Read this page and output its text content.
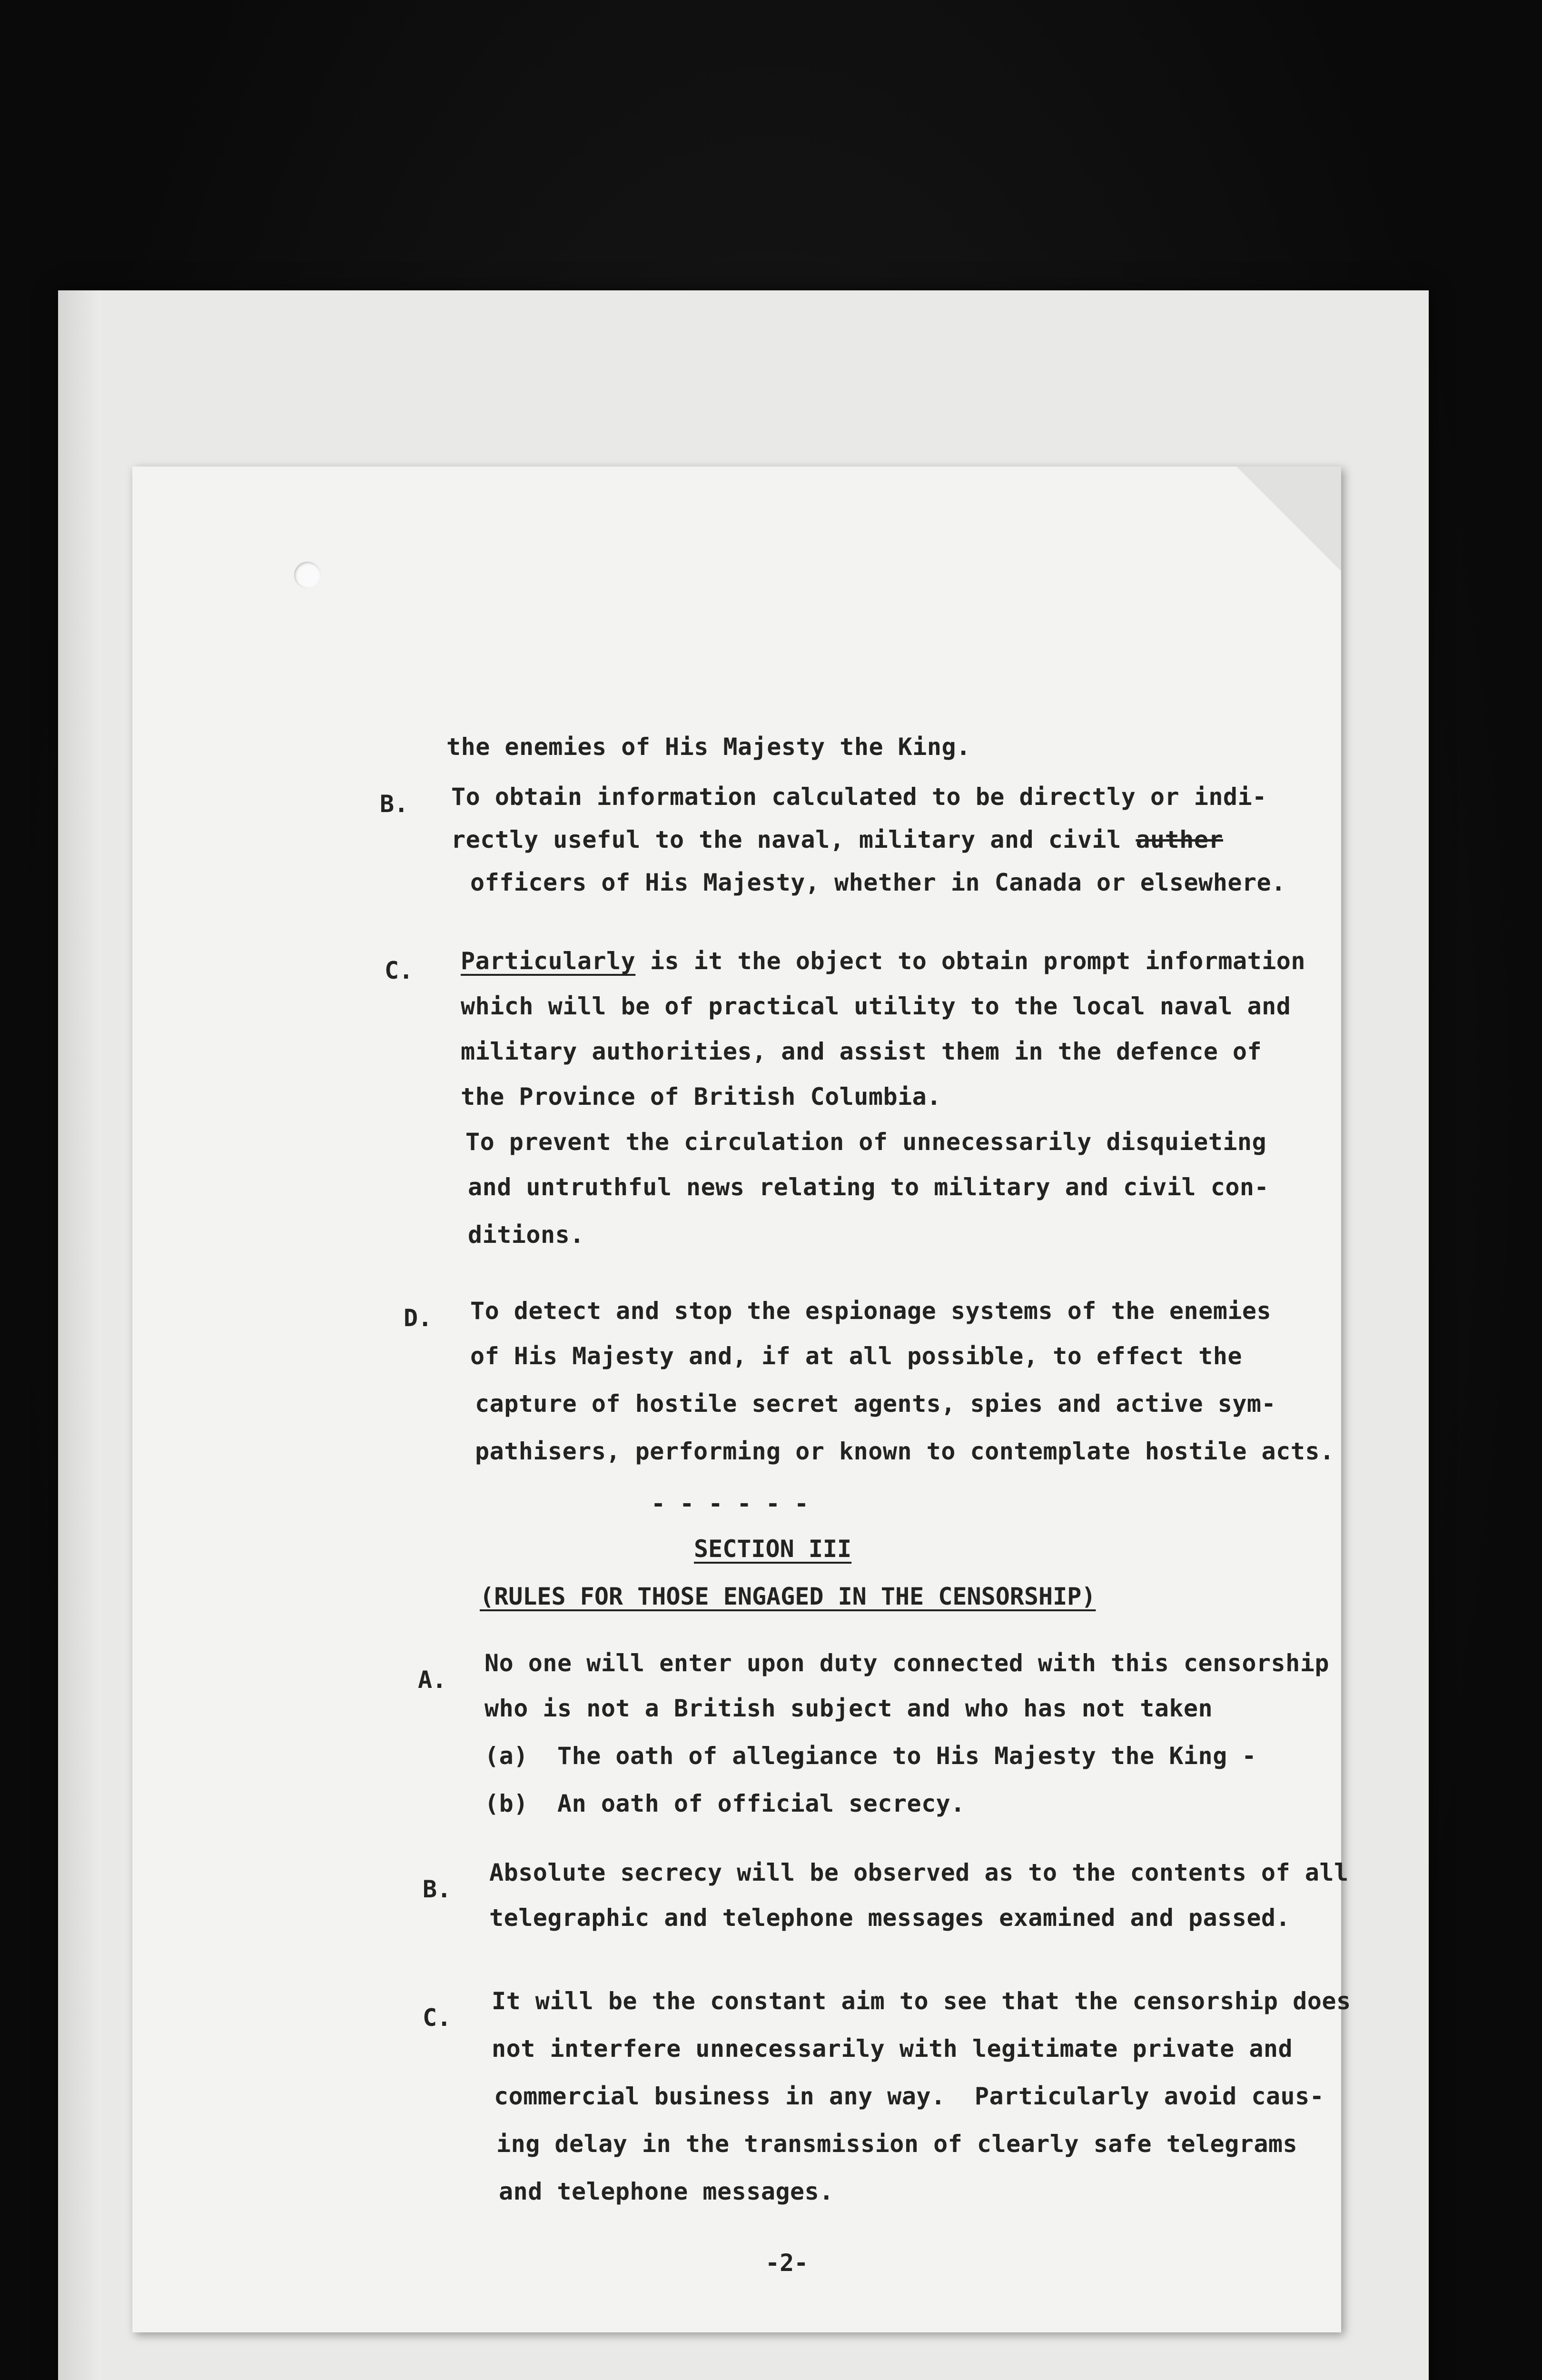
the enemies of His Majesty the King.
B. To obtain information calculated to be directly or indi-
rectly useful to the naval, military and civil auther
officers of His Majesty, whether in Canada or elsewhere.
C. Particularly is it the object to obtain prompt information
which will be of practical utility to the local naval and
military authorities, and assist them in the defence of
the Province of British Columbia.
To prevent the circulation of unnecessarily disquieting
and untruthful news relating to military and civil con-
ditions.
D. To detect and stop the espionage systems of the enemies
of His Majesty and, if at all possible, to effect the
capture of hostile secret agents, spies and active sym-
pathisers, performing or known to contemplate hostile acts.
- - - - - -
SECTION III
(RULES FOR THOSE ENGAGED IN THE CENSORSHIP)
A.
No one will enter upon duty connected with this censorship
who is not a British subject and who has not taken
(a)  The oath of allegiance to His Majesty the King -
(b)  An oath of official secrecy.
B.
Absolute secrecy will be observed as to the contents of all
telegraphic and telephone messages examined and passed.
C.
It will be the constant aim to see that the censorship does
not interfere unnecessarily with legitimate private and
commercial business in any way.  Particularly avoid caus-
ing delay in the transmission of clearly safe telegrams
and telephone messages.
-2-
